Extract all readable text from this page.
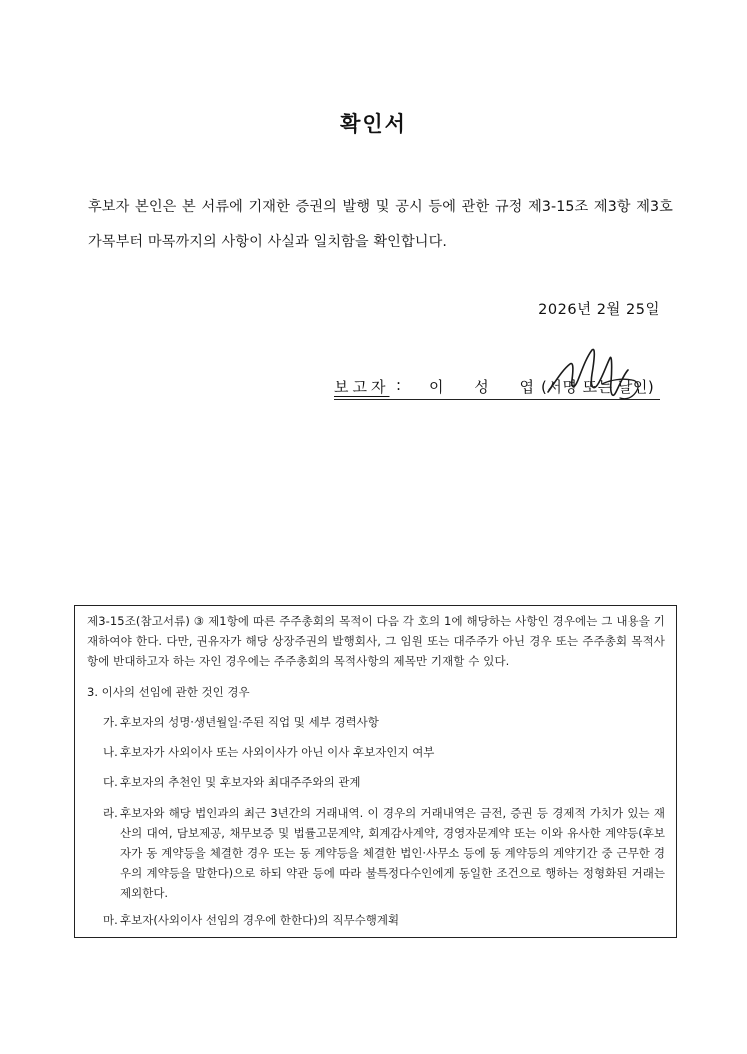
확인서
후보자 본인은 본 서류에 기재한 증권의 발행 및 공시 등에 관한 규정 제3-15조 제3항 제3호 가목부터 마목까지의 사항이 사실과 일치함을 확인합니다.
2026년 2월 25일
보고자 : 이 성 엽
(서명 또는 날인)
제3-15조(참고서류) ③ 제1항에 따른 주주총회의 목적이 다음 각 호의 1에 해당하는 사항인 경우에는 그 내용을 기재하여야 한다. 다만, 권유자가 해당 상장주권의 발행회사, 그 임원 또는 대주주가 아닌 경우 또는 주주총회 목적사항에 반대하고자 하는 자인 경우에는 주주총회의 목적사항의 제목만 기재할 수 있다.
3. 이사의 선임에 관한 것인 경우
가. 후보자의 성명·생년월일·주된 직업 및 세부 경력사항
나. 후보자가 사외이사 또는 사외이사가 아닌 이사 후보자인지 여부
다. 후보자의 추천인 및 후보자와 최대주주와의 관계
라. 후보자와 해당 법인과의 최근 3년간의 거래내역. 이 경우의 거래내역은 금전, 증권 등 경제적 가치가 있는 재산의 대여, 담보제공, 채무보증 및 법률고문계약, 회계감사계약, 경영자문계약 또는 이와 유사한 계약등(후보자가 동 계약등을 체결한 경우 또는 동 계약등을 체결한 법인·사무소 등에 동 계약등의 계약기간 중 근무한 경우의 계약등을 말한다)으로 하되 약관 등에 따라 불특정다수인에게 동일한 조건으로 행하는 정형화된 거래는 제외한다.
마. 후보자(사외이사 선임의 경우에 한한다)의 직무수행계획
